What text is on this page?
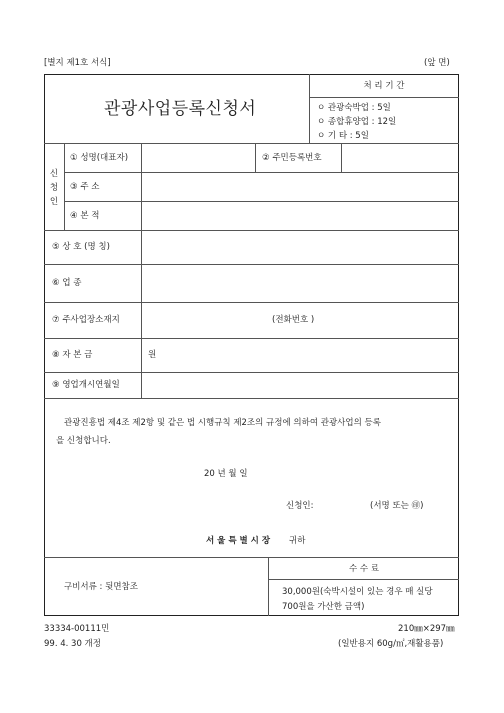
[별지 제1호 서식]	(앞 면)
관광사업등록신청서
처 리 기 간
ㅇ 관광숙박업 : 5일
ㅇ 종합휴양업 : 12일
ㅇ 기 타 : 5일
신
청
인
① 성명(대표자)	② 주민등록번호
③ 주 소
④ 본 적
⑤ 상 호 (명 칭)
⑥ 업 종
⑦ 주사업장소재지	(전화번호 )
⑧ 자 본 금	원
⑨ 영업개시연월일
관광진흥법 제4조 제2항 및 같은 법 시행규칙 제2조의 규정에 의하여 관광사업의 등록
을 신청합니다.
20 년 월 일
신청인:	(서명 또는 ㊞)
서 울 특 별 시 장 귀하
구비서류 : 뒷면참조
수 수 료
30,000원(숙박시설이 있는 경우 매 실당
700원을 가산한 금액)
33334-00111민
99. 4. 30 개정
210㎜×297㎜
(일반용지 60g/㎡,재활용품)
